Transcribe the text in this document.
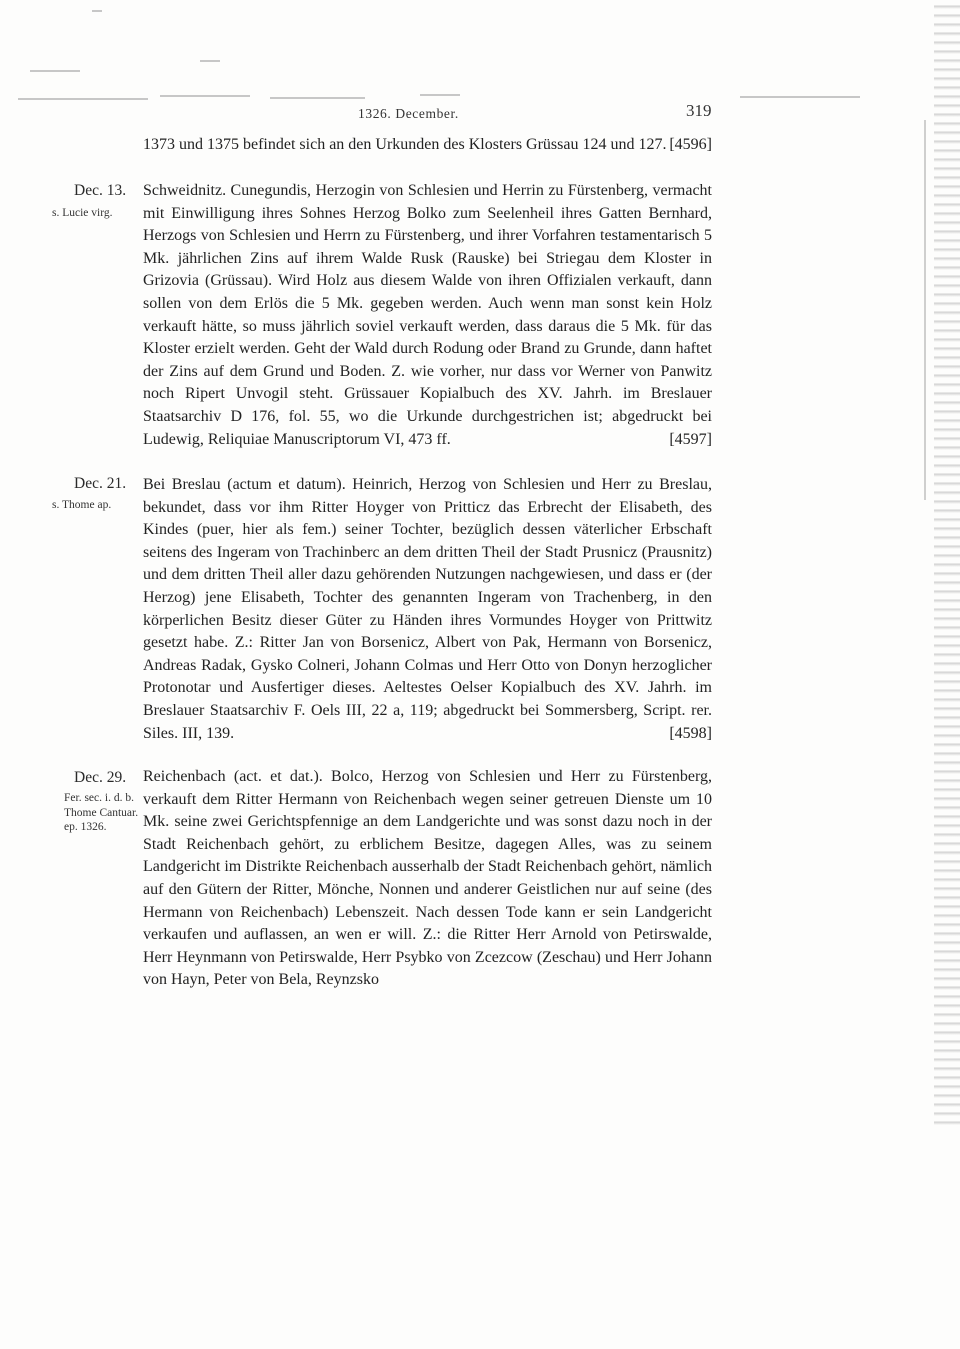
1326. December.	319
1373 und 1375 befindet sich an den Urkunden des Klosters Grüssau 124 und 127. [4596]
Dec. 13.
s. Lucie virg.
Schweidnitz. Cunegundis, Herzogin von Schlesien und Herrin zu Fürstenberg, vermacht mit Einwilligung ihres Sohnes Herzog Bolko zum Seelenheil ihres Gatten Bernhard, Herzogs von Schlesien und Herrn zu Fürstenberg, und ihrer Vorfahren testamentarisch 5 Mk. jährlichen Zins auf ihrem Walde Rusk (Rauske) bei Striegau dem Kloster in Grizovia (Grüssau). Wird Holz aus diesem Walde von ihren Offizialen verkauft, dann sollen von dem Erlös die 5 Mk. gegeben werden. Auch wenn man sonst kein Holz verkauft hätte, so muss jährlich soviel verkauft werden, dass daraus die 5 Mk. für das Kloster erzielt werden. Geht der Wald durch Rodung oder Brand zu Grunde, dann haftet der Zins auf dem Grund und Boden. Z. wie vorher, nur dass vor Werner von Panwitz noch Ripert Unvogil steht. Grüssauer Kopialbuch des XV. Jahrh. im Breslauer Staatsarchiv D 176, fol. 55, wo die Urkunde durchgestrichen ist; abgedruckt bei Ludewig, Reliquiae Manuscriptorum VI, 473 ff.	[4597]
Dec. 21.
s. Thome ap.
Bei Breslau (actum et datum). Heinrich, Herzog von Schlesien und Herr zu Breslau, bekundet, dass vor ihm Ritter Hoyger von Pritticz das Erbrecht der Elisabeth, des Kindes (puer, hier als fem.) seiner Tochter, bezüglich dessen väterlicher Erbschaft seitens des Ingeram von Trachinberc an dem dritten Theil der Stadt Prusnicz (Prausnitz) und dem dritten Theil aller dazu gehörenden Nutzungen nachgewiesen, und dass er (der Herzog) jene Elisabeth, Tochter des genannten Ingeram von Trachenberg, in den körperlichen Besitz dieser Güter zu Händen ihres Vormundes Hoyger von Prittwitz gesetzt habe. Z.: Ritter Jan von Borsenicz, Albert von Pak, Hermann von Borsenicz, Andreas Radak, Gysko Colneri, Johann Colmas und Herr Otto von Donyn herzoglicher Protonotar und Ausfertiger dieses. Aeltestes Oelser Kopialbuch des XV. Jahrh. im Breslauer Staatsarchiv F. Oels III, 22 a, 119; abgedruckt bei Sommersberg, Script. rer. Siles. III, 139.	[4598]
Dec. 29.
Fer. sec. i. d. b. Thome Cantuar. ep. 1326.
Reichenbach (act. et dat.). Bolco, Herzog von Schlesien und Herr zu Fürstenberg, verkauft dem Ritter Hermann von Reichenbach wegen seiner getreuen Dienste um 10 Mk. seine zwei Gerichtspfennige an dem Landgerichte und was sonst dazu noch in der Stadt Reichenbach gehört, zu erblichem Besitze, dagegen Alles, was zu seinem Landgericht im Distrikte Reichenbach ausserhalb der Stadt Reichenbach gehört, nämlich auf den Gütern der Ritter, Mönche, Nonnen und anderer Geistlichen nur auf seine (des Hermann von Reichenbach) Lebenszeit. Nach dessen Tode kann er sein Landgericht verkaufen und auflassen, an wen er will. Z.: die Ritter Herr Arnold von Petirswalde, Herr Heynmann von Petirswalde, Herr Psybko von Zcezcow (Zeschau) und Herr Johann von Hayn, Peter von Bela, Reynzsko
